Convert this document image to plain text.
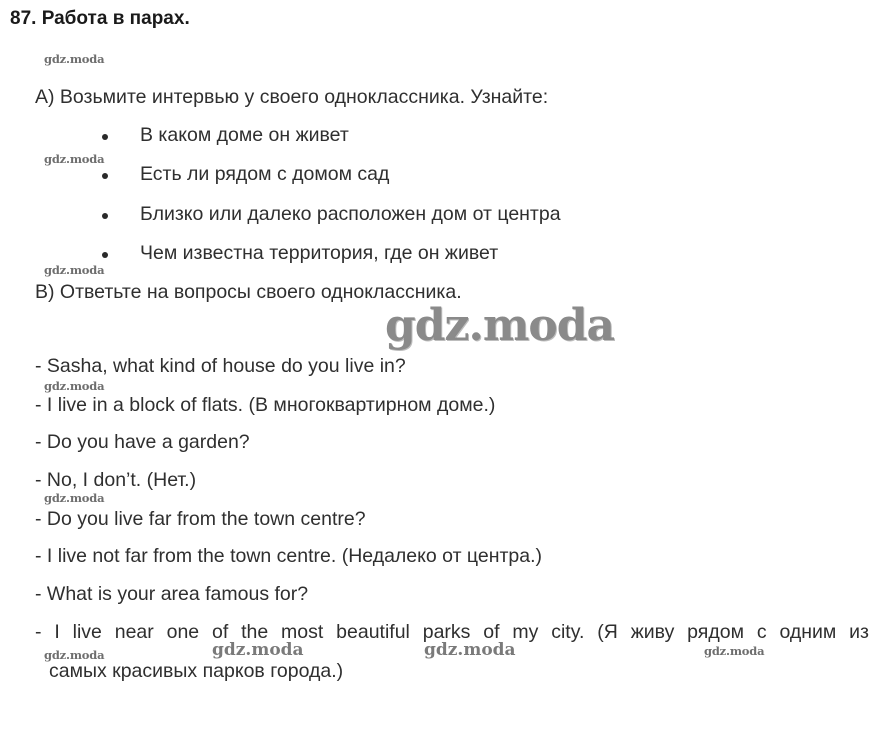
87. Работа в парах.
gdz.moda
А) Возьмите интервью у своего одноклассника. Узнайте:
В каком доме он живет
gdz.moda
Есть ли рядом с домом сад
Близко или далеко расположен дом от центра
Чем известна территория, где он живет
gdz.moda
В) Ответьте на вопросы своего одноклассника.
gdz.moda
- Sasha, what kind of house do you live in?
gdz.moda
- I live in a block of flats. (В многоквартирном доме.)
- Do you have a garden?
- No, I don’t. (Нет.)
gdz.moda
- Do you live far from the town centre?
- I live not far from the town centre. (Недалеко от центра.)
- What is your area famous for?
- I live near one of the most beautiful parks of my city. (Я живу рядом с одним из
gdz.moda	gdz.moda	gdz.moda	gdz.moda
самых красивых парков города.)
